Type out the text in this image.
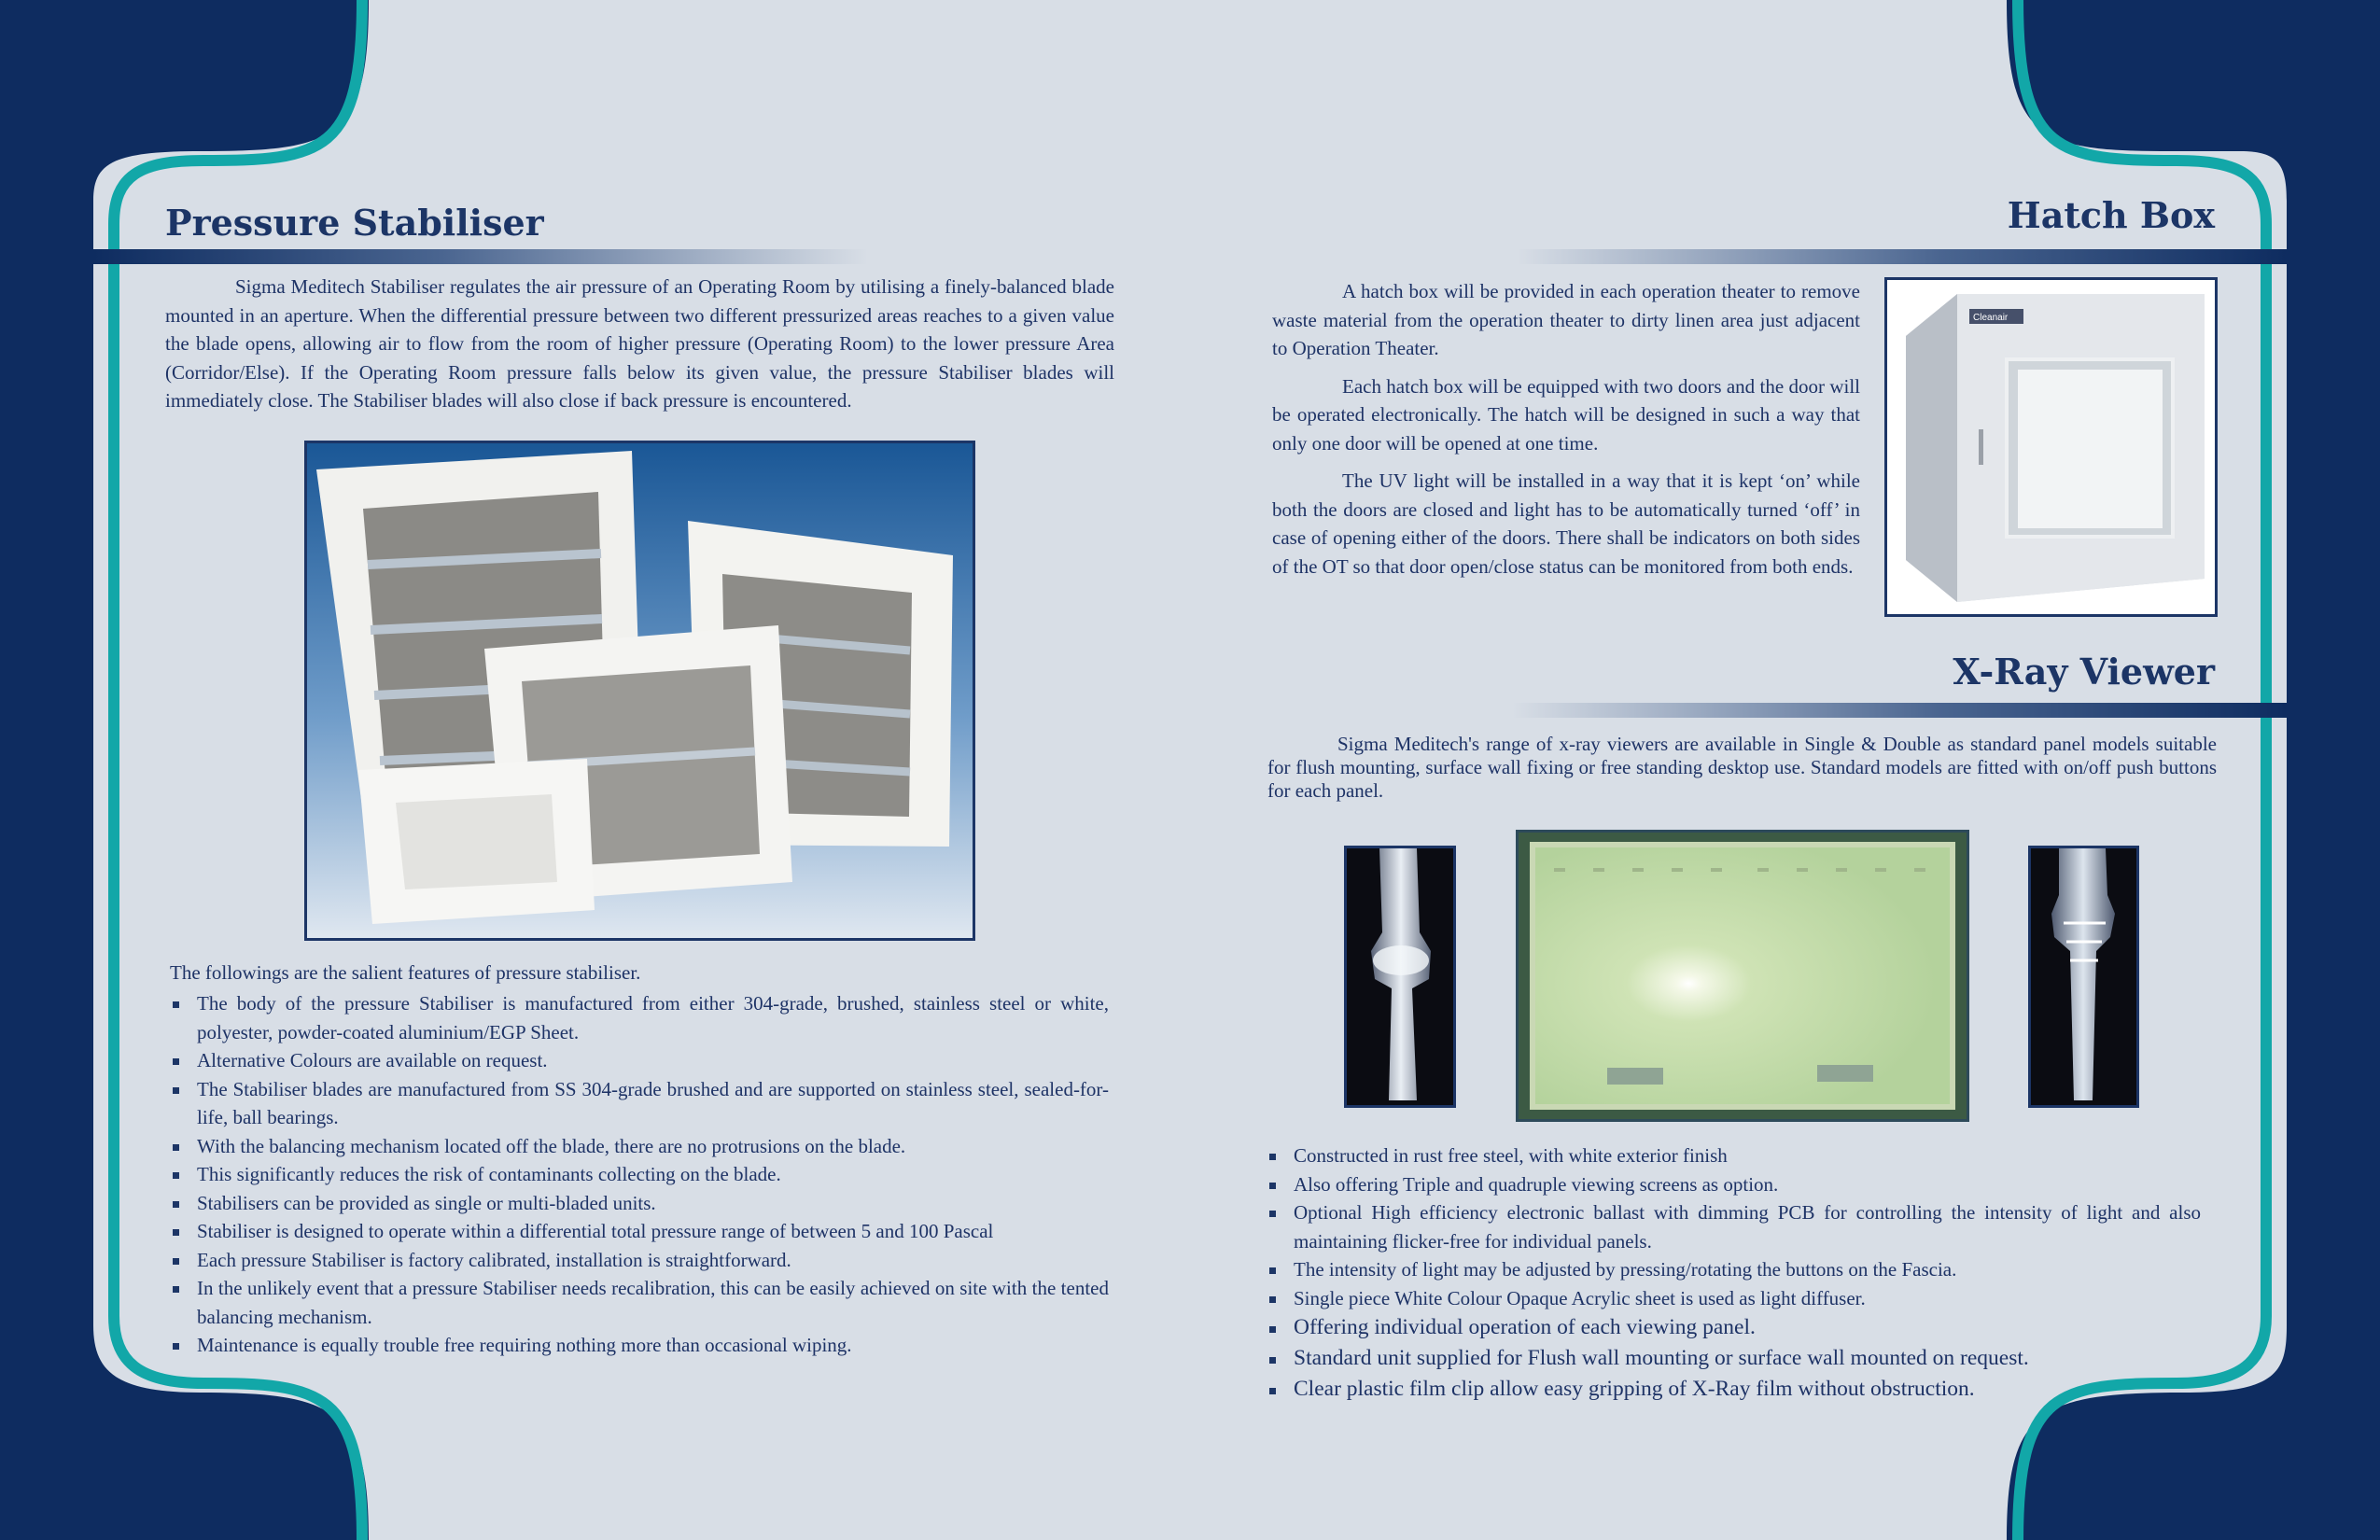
Pressure Stabiliser

Sigma Meditech Stabiliser regulates the air pressure of an Operating Room by utilising a finely-balanced blade mounted in an aperture. When the differential pressure between two different pressurized areas reaches to a given value the blade opens, allowing air to flow from the room of higher pressure (Operating Room) to the lower pressure Area (Corridor/Else). If the Operating Room pressure falls below its given value, the pressure Stabiliser blades will immediately close. The Stabiliser blades will also close if back pressure is encountered.

The followings are the salient features of pressure stabiliser.

The body of the pressure Stabiliser is manufactured from either 304-grade, brushed, stainless steel or white, polyester, powder-coated aluminium/EGP Sheet.
Alternative Colours are available on request.
The Stabiliser blades are manufactured from SS 304-grade brushed and are supported on stainless steel, sealed-for-life, ball bearings.
With the balancing mechanism located off the blade, there are no protrusions on the blade.
This significantly reduces the risk of contaminants collecting on the blade.
Stabilisers can be provided as single or multi-bladed units.
Stabiliser is designed to operate within a differential total pressure range of between 5 and 100 Pascal
Each pressure Stabiliser is factory calibrated, installation is straightforward.
In the unlikely event that a pressure Stabiliser needs recalibration, this can be easily achieved on site with the tented balancing mechanism.
Maintenance is equally trouble free requiring nothing more than occasional wiping.
Hatch Box

A hatch box will be provided in each operation theater to remove waste material from the operation theater to dirty linen area just adjacent to Operation Theater.

Each hatch box will be equipped with two doors and the door will be operated electronically. The hatch will be designed in such a way that only one door will be opened at one time.

The UV light will be installed in a way that it is kept ‘on’ while both the doors are closed and light has to be automatically turned ‘off’ in case of opening either of the doors. There shall be indicators on both sides of the OT so that door open/close status can be monitored from both ends.

Cleanair
X-Ray Viewer

Sigma Meditech's range of x-ray viewers are available in Single & Double as standard panel models suitable for flush mounting, surface wall fixing or free standing desktop use. Standard models are fitted with on/off push buttons for each panel.

Constructed in rust free steel, with white exterior finish
Also offering Triple and quadruple viewing screens as option.
Optional High efficiency electronic ballast with dimming PCB for controlling the intensity of light and also maintaining flicker-free for individual panels.
The intensity of light may be adjusted by pressing/rotating the buttons on the Fascia.
Single piece White Colour Opaque Acrylic sheet is used as light diffuser.
Offering individual operation of each viewing panel.
Standard unit supplied for Flush wall mounting or surface wall mounted on request.
Clear plastic film clip allow easy gripping of X-Ray film without obstruction.
